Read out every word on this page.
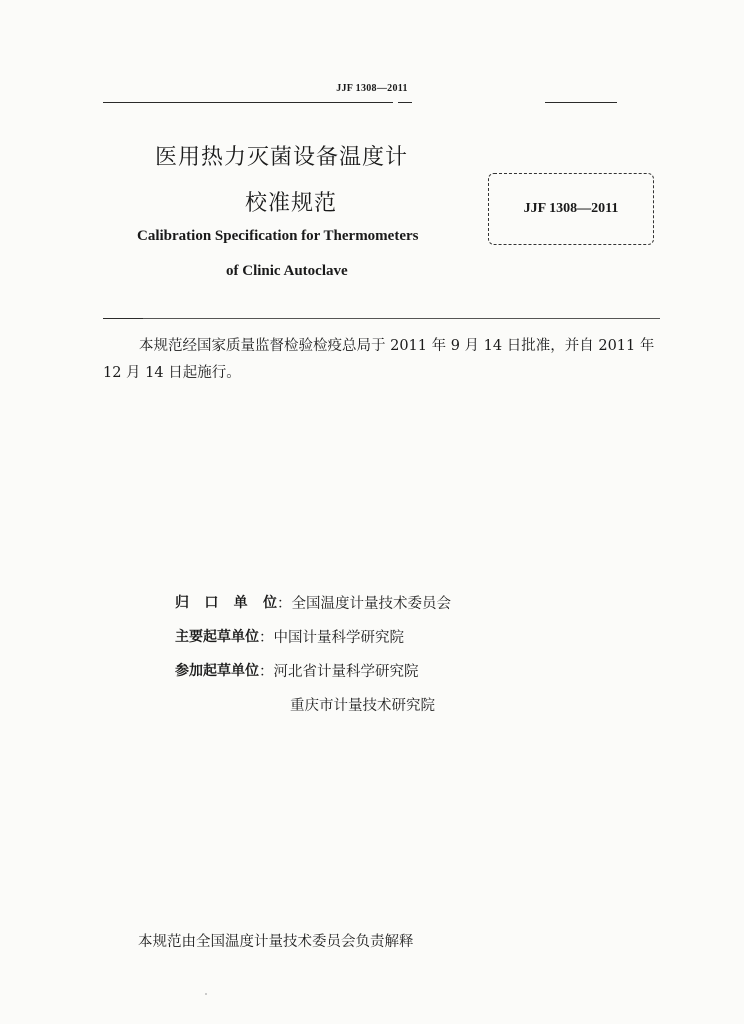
JJF 1308—2011
医用热力灭菌设备温度计
校准规范
Calibration Specification for Thermometers
of Clinic Autoclave
JJF 1308—2011
本规范经国家质量监督检验检疫总局于 2011 年 9 月 14 日批准，并自 2011 年 12 月 14 日起施行。
归 口 单 位 ： 全国温度计量技术委员会
主要起草单位 ： 中国计量科学研究院
参加起草单位 ： 河北省计量科学研究院
重庆市计量技术研究院
本规范由全国温度计量技术委员会负责解释
